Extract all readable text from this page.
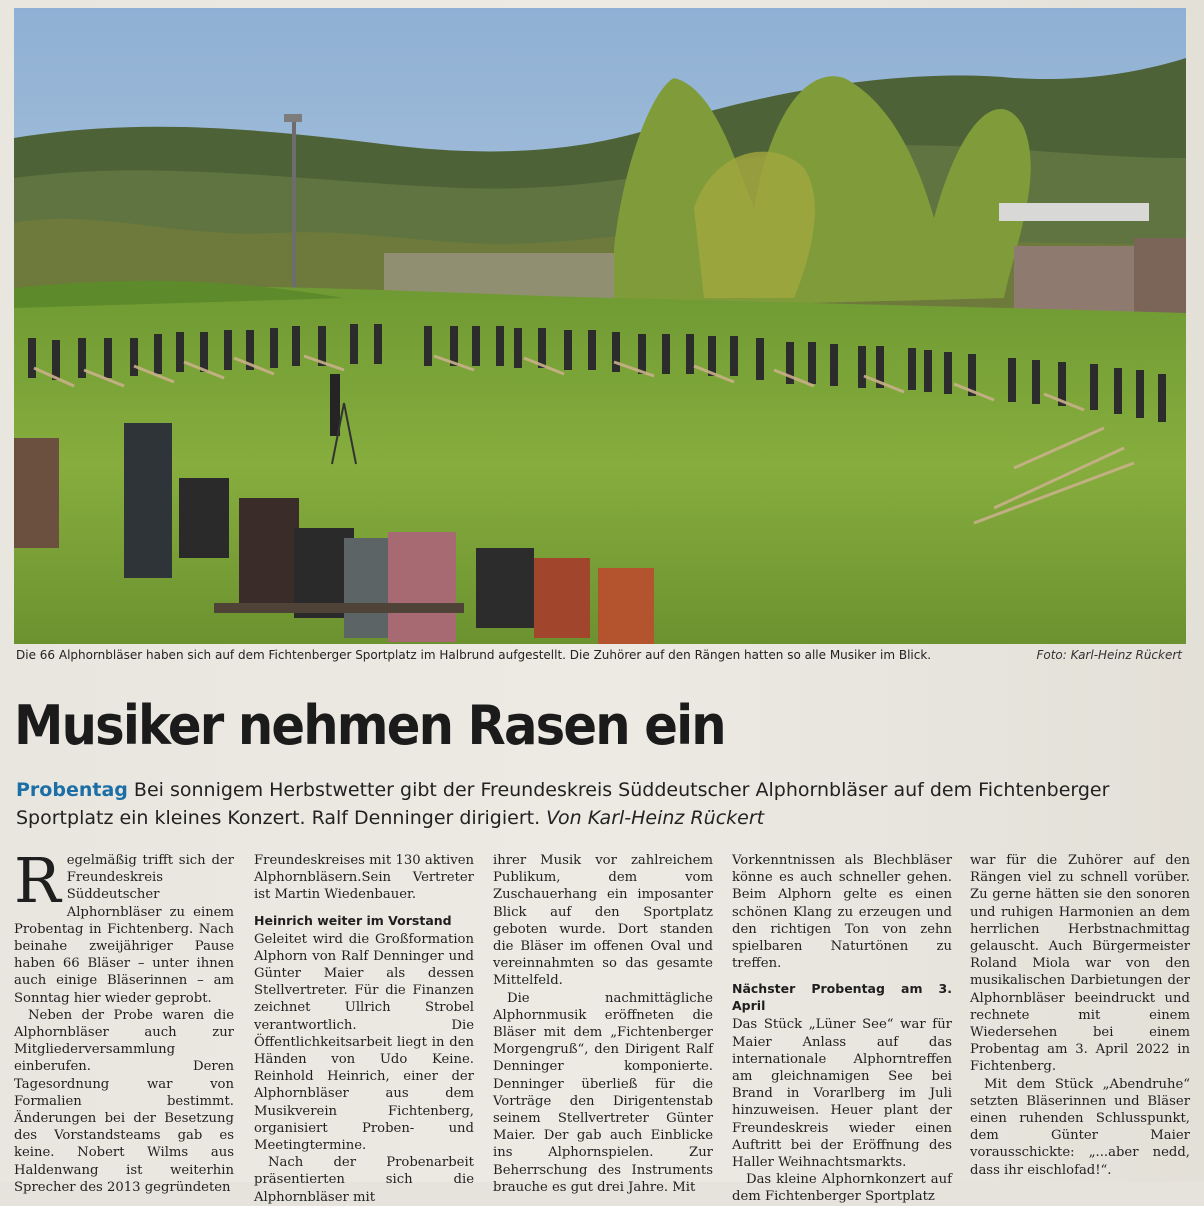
Die 66 Alphornbläser haben sich auf dem Fichtenberger Sportplatz im Halbrund aufgestellt. Die Zuhörer auf den Rängen hatten so alle Musiker im Blick.	Foto: Karl-Heinz Rückert
Musiker nehmen Rasen ein
Probentag Bei sonnigem Herbstwetter gibt der Freundeskreis Süddeutscher Alphornbläser auf dem Fichtenberger Sportplatz ein kleines Konzert. Ralf Denninger dirigiert. Von Karl-Heinz Rückert

Regelmäßig trifft sich der Freundeskreis Süddeutscher Alphornbläser zu einem Probentag in Fichtenberg. Nach beinahe zweijähriger Pause haben 66 Bläser – unter ihnen auch einige Bläserinnen – am Sonntag hier wieder geprobt.

Neben der Probe waren die Alphornbläser auch zur Mitgliederversammlung einberufen. Deren Tagesordnung war von Formalien bestimmt. Änderungen bei der Besetzung des Vorstandsteams gab es keine. Nobert Wilms aus Haldenwang ist weiterhin Sprecher des 2013 gegründeten

Freundeskreises mit 130 aktiven Alphornbläsern.Sein Vertreter ist Martin Wiedenbauer.

Heinrich weiter im Vorstand

Geleitet wird die Großformation Alphorn von Ralf Denninger und Günter Maier als dessen Stellvertreter. Für die Finanzen zeichnet Ullrich Strobel verantwortlich. Die Öffentlichkeitsarbeit liegt in den Händen von Udo Keine. Reinhold Heinrich, einer der Alphornbläser aus dem Musikverein Fichtenberg, organisiert Proben- und Meetingtermine.

Nach der Probenarbeit präsentierten sich die Alphornbläser mit

ihrer Musik vor zahlreichem Publikum, dem vom Zuschauerhang ein imposanter Blick auf den Sportplatz geboten wurde. Dort standen die Bläser im offenen Oval und vereinnahmten so das gesamte Mittelfeld.

Die nachmittägliche Alphornmusik eröffneten die Bläser mit dem „Fichtenberger Morgengruß“, den Dirigent Ralf Denninger komponierte. Denninger überließ für die Vorträge den Dirigentenstab seinem Stellvertreter Günter Maier. Der gab auch Einblicke ins Alphornspielen. Zur Beherrschung des Instruments brauche es gut drei Jahre. Mit

Vorkenntnissen als Blechbläser könne es auch schneller gehen. Beim Alphorn gelte es einen schönen Klang zu erzeugen und den richtigen Ton von zehn spielbaren Naturtönen zu treffen.

Nächster Probentag am 3. April

Das Stück „Lüner See“ war für Maier Anlass auf das internationale Alphorntreffen am gleichnamigen See bei Brand in Vorarlberg im Juli hinzuweisen. Heuer plant der Freundeskreis wieder einen Auftritt bei der Eröffnung des Haller Weihnachtsmarkts.

Das kleine Alphornkonzert auf dem Fichtenberger Sportplatz

war für die Zuhörer auf den Rängen viel zu schnell vorüber. Zu gerne hätten sie den sonoren und ruhigen Harmonien an dem herrlichen Herbstnachmittag gelauscht. Auch Bürgermeister Roland Miola war von den musikalischen Darbietungen der Alphornbläser beeindruckt und rechnete mit einem Wiedersehen bei einem Probentag am 3. April 2022 in Fichtenberg.

Mit dem Stück „Abendruhe“ setzten Bläserinnen und Bläser einen ruhenden Schlusspunkt, dem Günter Maier vorausschickte: „...aber nedd, dass ihr eischlofad!“.
